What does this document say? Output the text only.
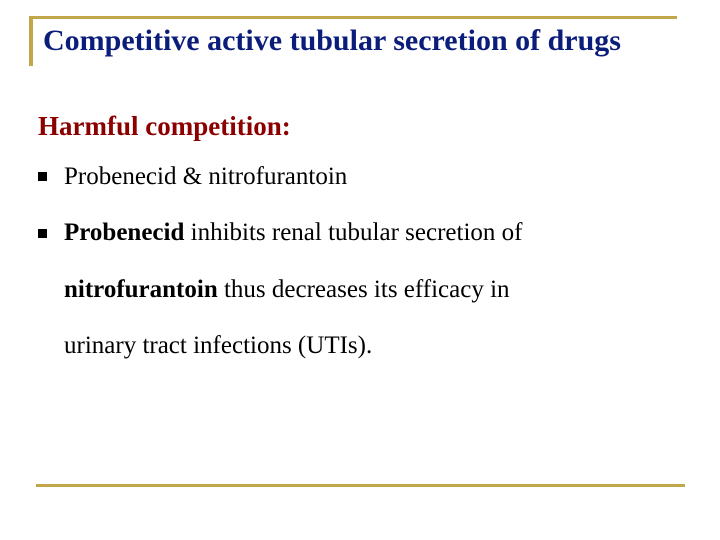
Competitive active tubular secretion of drugs
Harmful competition:

Probenecid & nitrofurantoin

Probenecid inhibits renal tubular secretion of

nitrofurantoin thus decreases its efficacy in

urinary tract infections (UTIs).
